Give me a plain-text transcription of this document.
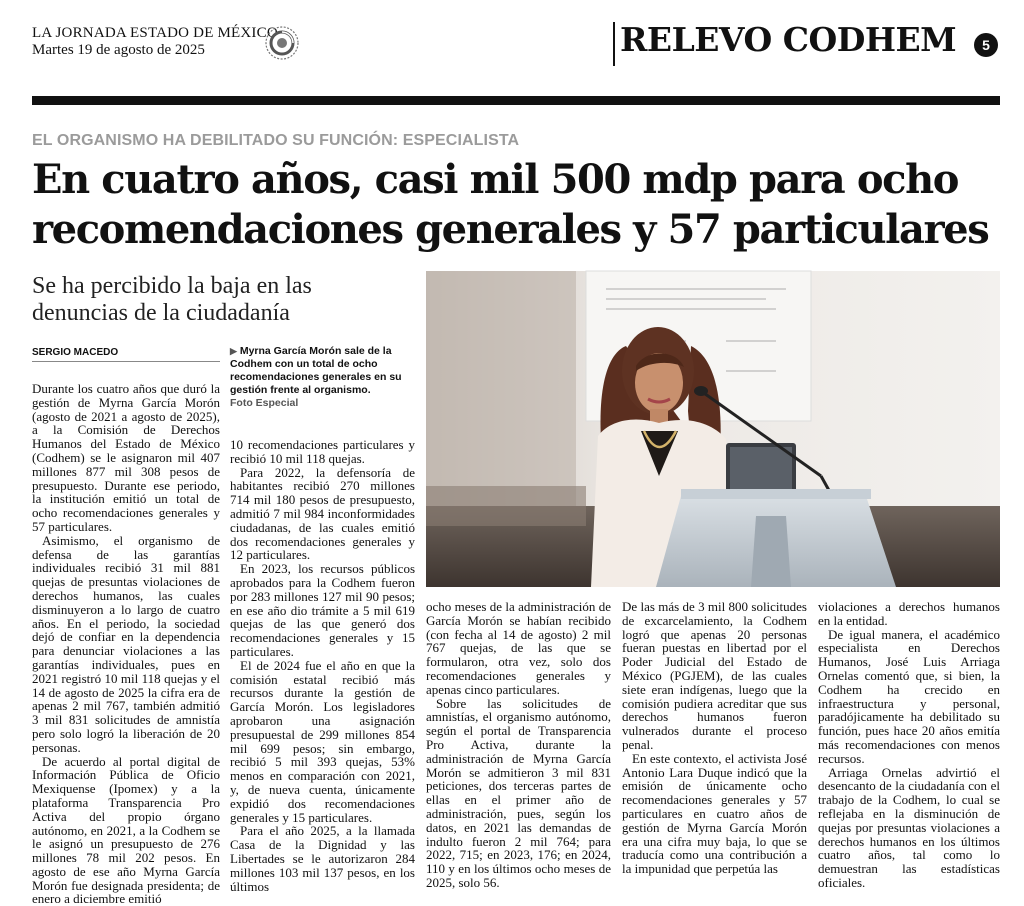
LA JORNADA ESTADO DE MÉXICO
Martes 19 de agosto de 2025	RELEVO CODHEM	5
EL ORGANISMO HA DEBILITADO SU FUNCIÓN: ESPECIALISTA
En cuatro años, casi mil 500 mdp para ocho recomendaciones generales y 57 particulares
Se ha percibido la baja en las denuncias de la ciudadanía
SERGIO MACEDO	▶ Myrna García Morón sale de la Codhem con un total de ocho recomendaciones generales en su gestión frente al organismo.
Foto Especial

Durante los cuatro años que duró la gestión de Myrna García Morón (agosto de 2021 a agosto de 2025), a la Comisión de Derechos Humanos del Estado de México (Codhem) se le asignaron mil 407 millones 877 mil 308 pesos de presupuesto. Durante ese periodo, la institución emitió un total de ocho recomendaciones generales y 57 particulares.

Asimismo, el organismo de defensa de las garantías individuales recibió 31 mil 881 quejas de presuntas violaciones de derechos humanos, las cuales disminuyeron a lo largo de cuatro años. En el periodo, la sociedad dejó de confiar en la dependencia para denunciar violaciones a las garantías individuales, pues en 2021 registró 10 mil 118 quejas y el 14 de agosto de 2025 la cifra era de apenas 2 mil 767, también admitió 3 mil 831 solicitudes de amnistía pero solo logró la liberación de 20 personas.

De acuerdo al portal digital de Información Pública de Oficio Mexiquense (Ipomex) y a la plataforma Transparencia Pro Activa del propio órgano autónomo, en 2021, a la Codhem se le asignó un presupuesto de 276 millones 78 mil 202 pesos. En agosto de ese año Myrna García Morón fue designada presidenta; de enero a diciembre emitió

10 recomendaciones particulares y recibió 10 mil 118 quejas.

Para 2022, la defensoría de habitantes recibió 270 millones 714 mil 180 pesos de presupuesto, admitió 7 mil 984 inconformidades ciudadanas, de las cuales emitió dos recomendaciones generales y 12 particulares.

En 2023, los recursos públicos aprobados para la Codhem fueron por 283 millones 127 mil 90 pesos; en ese año dio trámite a 5 mil 619 quejas de las que generó dos recomendaciones generales y 15 particulares.

El de 2024 fue el año en que la comisión estatal recibió más recursos durante la gestión de García Morón. Los legisladores aprobaron una asignación presupuestal de 299 millones 854 mil 699 pesos; sin embargo, recibió 5 mil 393 quejas, 53% menos en comparación con 2021, y, de nueva cuenta, únicamente expidió dos recomendaciones generales y 15 particulares.

Para el año 2025, a la llamada Casa de la Dignidad y las Libertades se le autorizaron 284 millones 103 mil 137 pesos, en los últimos

ocho meses de la administración de García Morón se habían recibido (con fecha al 14 de agosto) 2 mil 767 quejas, de las que se formularon, otra vez, solo dos recomendaciones generales y apenas cinco particulares.

Sobre las solicitudes de amnistías, el organismo autónomo, según el portal de Transparencia Pro Activa, durante la administración de Myrna García Morón se admitieron 3 mil 831 peticiones, dos terceras partes de ellas en el primer año de administración, pues, según los datos, en 2021 las demandas de indulto fueron 2 mil 764; para 2022, 715; en 2023, 176; en 2024, 110 y en los últimos ocho meses de 2025, solo 56.

De las más de 3 mil 800 solicitudes de excarcelamiento, la Codhem logró que apenas 20 personas fueran puestas en libertad por el Poder Judicial del Estado de México (PGJEM), de las cuales siete eran indígenas, luego que la comisión pudiera acreditar que sus derechos humanos fueron vulnerados durante el proceso penal.

En este contexto, el activista José Antonio Lara Duque indicó que la emisión de únicamente ocho recomendaciones generales y 57 particulares en cuatro años de gestión de Myrna García Morón era una cifra muy baja, lo que se traducía como una contribución a la impunidad que perpetúa las

violaciones a derechos humanos en la entidad.

De igual manera, el académico especialista en Derechos Humanos, José Luis Arriaga Ornelas comentó que, si bien, la Codhem ha crecido en infraestructura y personal, paradójicamente ha debilitado su función, pues hace 20 años emitía más recomendaciones con menos recursos.

Arriaga Ornelas advirtió el desencanto de la ciudadanía con el trabajo de la Codhem, lo cual se reflejaba en la disminución de quejas por presuntas violaciones a derechos humanos en los últimos cuatro años, tal como lo demuestran las estadísticas oficiales.
